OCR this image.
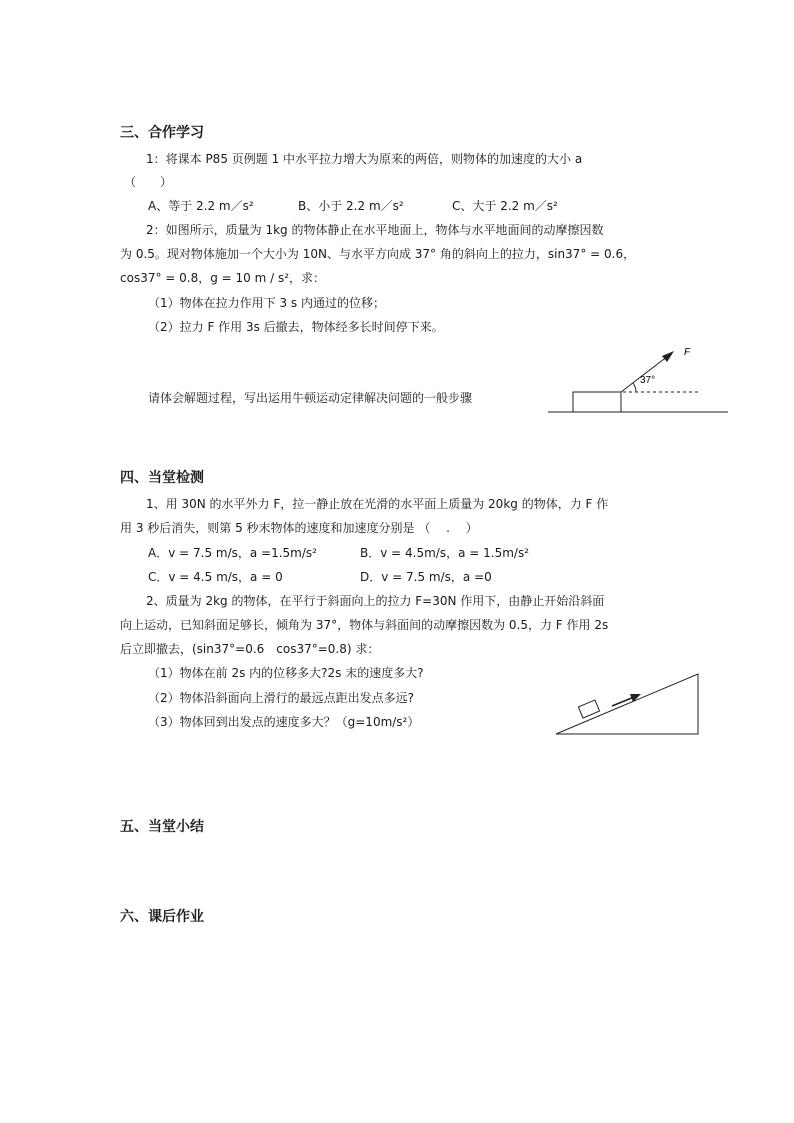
三、合作学习
1：将课本 P85 页例题 1 中水平拉力增大为原来的两倍，则物体的加速度的大小 a
（　　）
A、等于 2.2 m／s²	B、小于 2.2 m／s²	C、大于 2.2 m／s²
2：如图所示，质量为 1kg 的物体静止在水平地面上，物体与水平地面间的动摩擦因数
为 0.5。现对物体施加一个大小为 10N、与水平方向成 37° 角的斜向上的拉力，sin37° = 0.6，
cos37° = 0.8，g = 10 m / s²，求：
（1）物体在拉力作用下 3 s 内通过的位移；
（2）拉力 F 作用 3s 后撤去，物体经多长时间停下来。
请体会解题过程，写出运用牛顿运动定律解决问题的一般步骤
F
37°
四、当堂检测
1、用 30N 的水平外力 F，拉一静止放在光滑的水平面上质量为 20kg 的物体，力 F 作
用 3 秒后消失，则第 5 秒末物体的速度和加速度分别是 （　 .　 ）
A．v = 7.5 m/s，a =1.5m/s²	B．v = 4.5m/s，a = 1.5m/s²
C．v = 4.5 m/s，a = 0	D．v = 7.5 m/s，a =0
2、质量为 2kg 的物体，在平行于斜面向上的拉力 F=30N 作用下，由静止开始沿斜面
向上运动，已知斜面足够长，倾角为 37°，物体与斜面间的动摩擦因数为 0.5，力 F 作用 2s
后立即撤去，(sin37°=0.6　cos37°=0.8) 求：
（1）物体在前 2s 内的位移多大?2s 末的速度多大?
（2）物体沿斜面向上滑行的最远点距出发点多远?
（3）物体回到出发点的速度多大？（g=10m/s²）
五、当堂小结
六、课后作业
